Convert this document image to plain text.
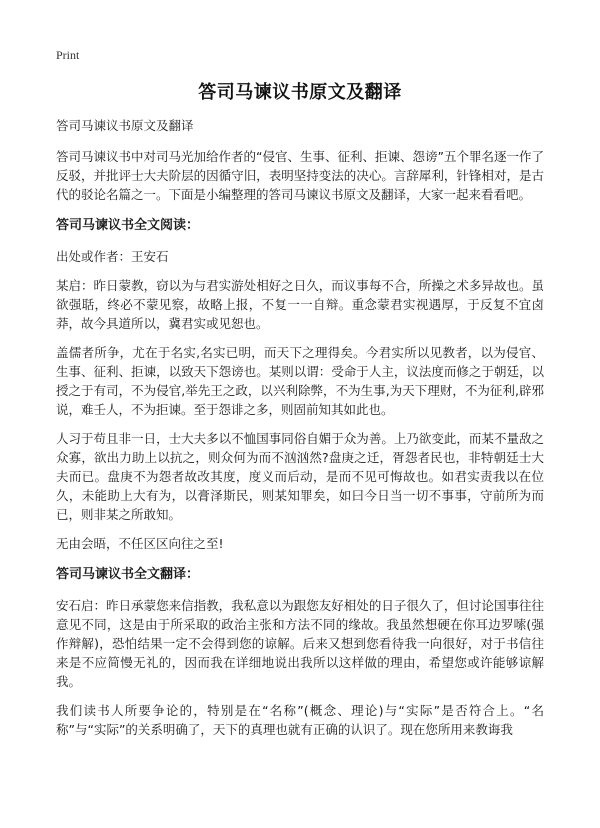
Print
答司马谏议书原文及翻译

答司马谏议书原文及翻译

答司马谏议书中对司马光加给作者的“侵官、生事、征利、拒谏、怨谤”五个罪名逐一作了反驳，并批评士大夫阶层的因循守旧，表明坚持变法的决心。言辞犀利，针锋相对，是古代的驳论名篇之一。下面是小编整理的答司马谏议书原文及翻译，大家一起来看看吧。

答司马谏议书全文阅读：

出处或作者：王安石

某启：昨日蒙教，窃以为与君实游处相好之日久，而议事每不合，所操之术多异故也。虽欲强聒，终必不蒙见察，故略上报，不复一一自辩。重念蒙君实视遇厚，于反复不宜卤莽，故今具道所以，冀君实或见恕也。

盖儒者所争，尤在于名实,名实已明，而天下之理得矣。今君实所以见教者，以为侵官、生事、征利、拒谏，以致天下怨谤也。某则以谓：受命于人主，议法度而修之于朝廷，以授之于有司，不为侵官,举先王之政，以兴利除弊，不为生事,为天下理财，不为征利,辟邪说，难壬人，不为拒谏。至于怨诽之多，则固前知其如此也。

人习于苟且非一日，士大夫多以不恤国事同俗自媚于众为善。上乃欲变此，而某不量敌之众寡，欲出力助上以抗之，则众何为而不汹汹然?盘庚之迁，胥怨者民也，非特朝廷士大夫而已。盘庚不为怨者故改其度，度义而后动，是而不见可悔故也。如君实责我以在位久，未能助上大有为，以膏泽斯民，则某知罪矣，如曰今日当一切不事事，守前所为而已，则非某之所敢知。

无由会晤，不任区区向往之至!

答司马谏议书全文翻译：

安石启：昨日承蒙您来信指教，我私意以为跟您友好相处的日子很久了，但讨论国事往往意见不同，这是由于所采取的政治主张和方法不同的缘故。我虽然想硬在你耳边罗嗦(强作辩解)，恐怕结果一定不会得到您的谅解。后来又想到您看待我一向很好，对于书信往来是不应简慢无礼的，因而我在详细地说出我所以这样做的理由，希望您或许能够谅解我。

我们读书人所要争论的，特别是在“名称”(概念、理论)与“实际”是否符合上。“名称”与“实际”的关系明确了，天下的真理也就有正确的认识了。现在您所用来教诲我
